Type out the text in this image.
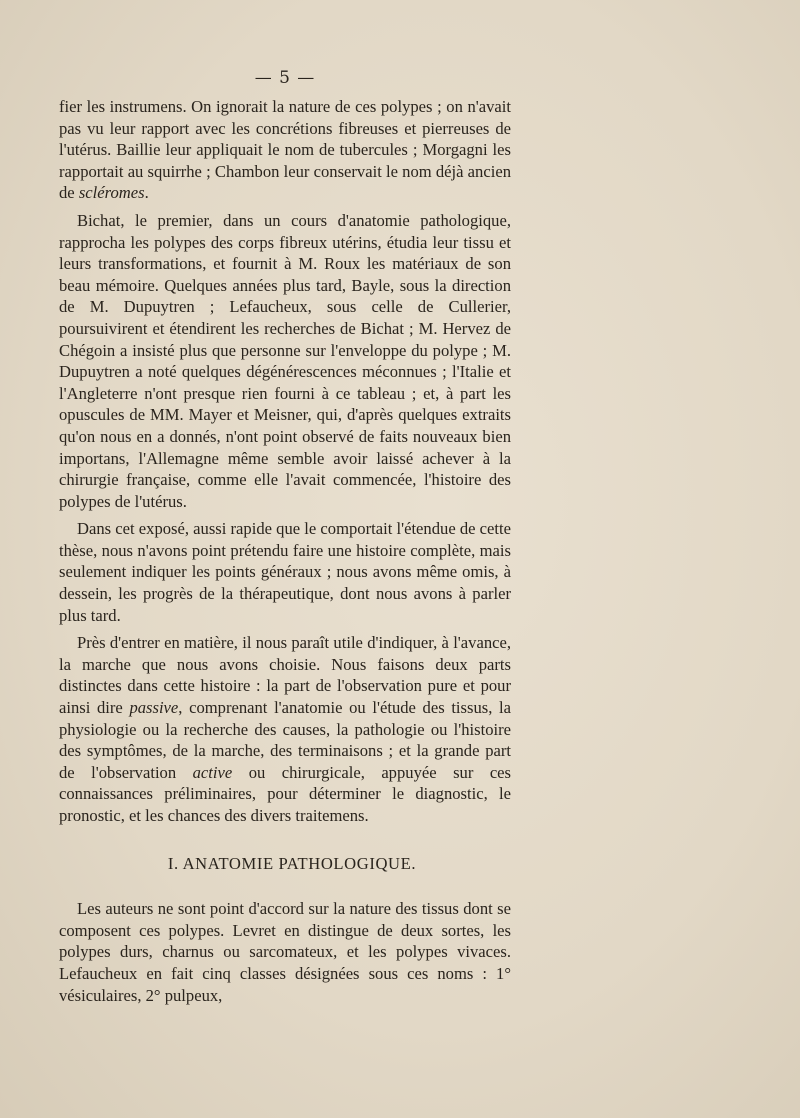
— 5 —

fier les instrumens. On ignorait la nature de ces polypes ; on n'avait pas vu leur rapport avec les concrétions fibreuses et pierreuses de l'utérus. Baillie leur appliquait le nom de tubercules ; Morgagni les rapportait au squirrhe ; Chambon leur conservait le nom déjà ancien de scléromes.

Bichat, le premier, dans un cours d'anatomie pathologique, rapprocha les polypes des corps fibreux utérins, étudia leur tissu et leurs transformations, et fournit à M. Roux les matériaux de son beau mémoire. Quelques années plus tard, Bayle, sous la direction de M. Dupuytren ; Lefaucheux, sous celle de Cullerier, poursuivirent et étendirent les recherches de Bichat ; M. Hervez de Chégoin a insisté plus que personne sur l'enveloppe du polype ; M. Dupuytren a noté quelques dégénérescences méconnues ; l'Italie et l'Angleterre n'ont presque rien fourni à ce tableau ; et, à part les opuscules de MM. Mayer et Meisner, qui, d'après quelques extraits qu'on nous en a donnés, n'ont point observé de faits nouveaux bien importans, l'Allemagne même semble avoir laissé achever à la chirurgie française, comme elle l'avait commencée, l'histoire des polypes de l'utérus.

Dans cet exposé, aussi rapide que le comportait l'étendue de cette thèse, nous n'avons point prétendu faire une histoire complète, mais seulement indiquer les points généraux ; nous avons même omis, à dessein, les progrès de la thérapeutique, dont nous avons à parler plus tard.

Près d'entrer en matière, il nous paraît utile d'indiquer, à l'avance, la marche que nous avons choisie. Nous faisons deux parts distinctes dans cette histoire : la part de l'observation pure et pour ainsi dire passive, comprenant l'anatomie ou l'étude des tissus, la physiologie ou la recherche des causes, la pathologie ou l'histoire des symptômes, de la marche, des terminaisons ; et la grande part de l'observation active ou chirurgicale, appuyée sur ces connaissances préliminaires, pour déterminer le diagnostic, le pronostic, et les chances des divers traitemens.

I. ANATOMIE PATHOLOGIQUE.

Les auteurs ne sont point d'accord sur la nature des tissus dont se composent ces polypes. Levret en distingue de deux sortes, les polypes durs, charnus ou sarcomateux, et les polypes vivaces. Lefaucheux en fait cinq classes désignées sous ces noms : 1° vésiculaires, 2° pulpeux,
